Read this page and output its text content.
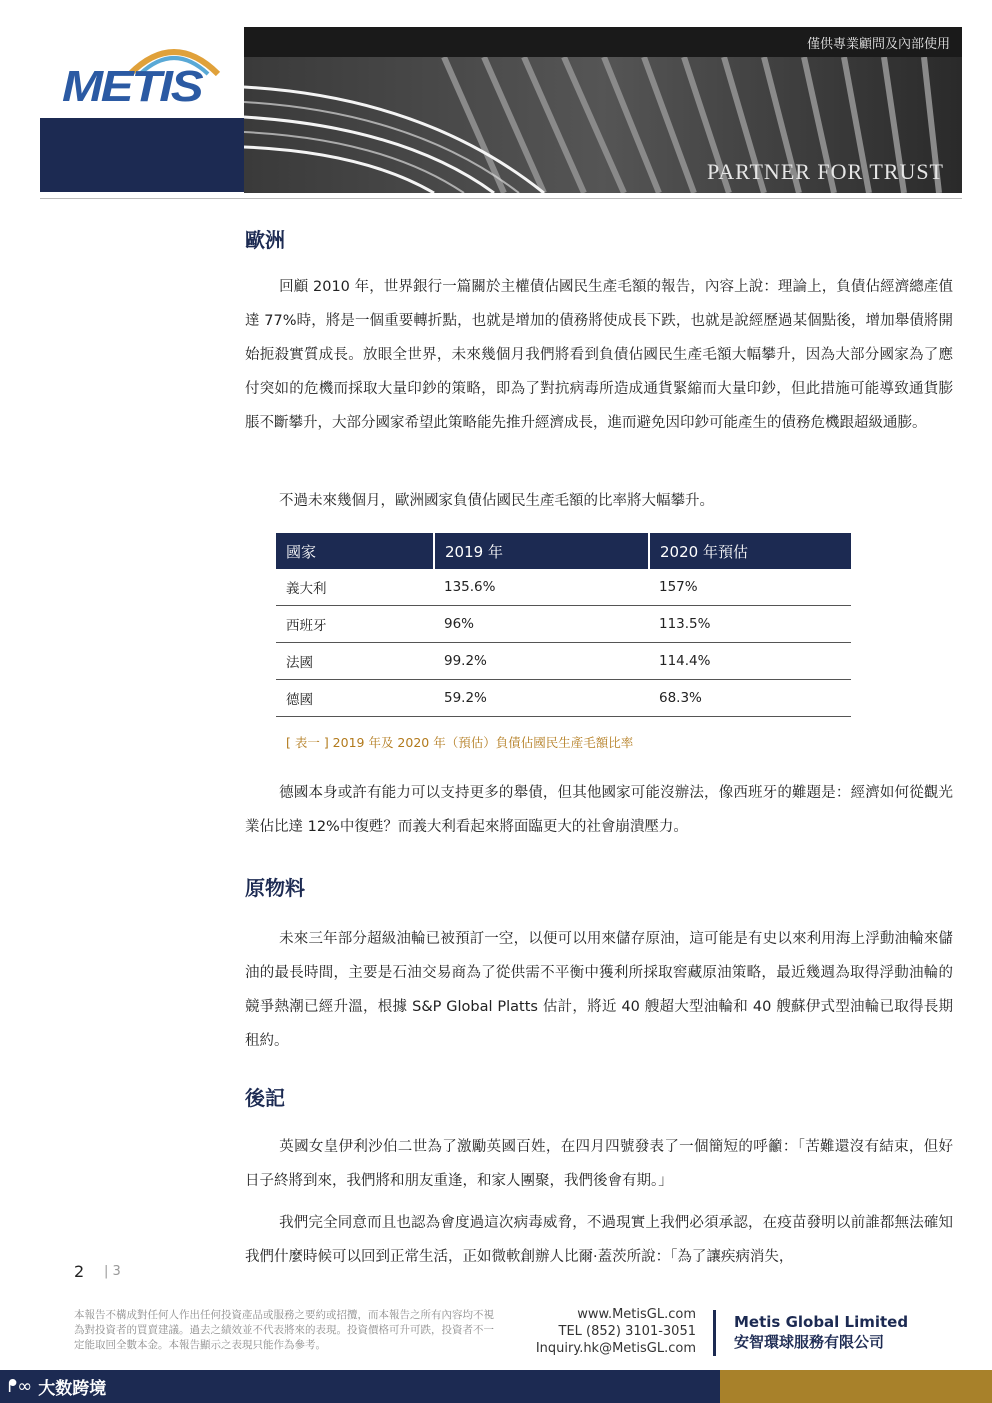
METIS
僅供專業顧問及內部使用
PARTNER FOR TRUST
歐洲

回顧 2010 年，世界銀行一篇關於主權債佔國民生產毛額的報告，內容上說：理論上，負債佔經濟總產值達 77%時，將是一個重要轉折點，也就是增加的債務將使成長下跌，也就是說經歷過某個點後，增加舉債將開始扼殺實質成長。放眼全世界，未來幾個月我們將看到負債佔國民生產毛額大幅攀升，因為大部分國家為了應付突如的危機而採取大量印鈔的策略，即為了對抗病毒所造成通貨緊縮而大量印鈔，但此措施可能導致通貨膨脹不斷攀升，大部分國家希望此策略能先推升經濟成長，進而避免因印鈔可能產生的債務危機跟超級通膨。

不過未來幾個月，歐洲國家負債佔國民生產毛額的比率將大幅攀升。

國家	2019 年	2020 年預估
義大利	135.6%	157%
西班牙	96%	113.5%
法國	99.2%	114.4%
德國	59.2%	68.3%
[ 表一 ] 2019 年及 2020 年（預估）負債佔國民生產毛額比率

德國本身或許有能力可以支持更多的舉債，但其他國家可能沒辦法，像西班牙的難題是：經濟如何從觀光業佔比達 12%中復甦？而義大利看起來將面臨更大的社會崩潰壓力。

原物料

未來三年部分超級油輪已被預訂一空，以便可以用來儲存原油，這可能是有史以來利用海上浮動油輪來儲油的最長時間，主要是石油交易商為了從供需不平衡中獲利所採取窖藏原油策略，最近幾週為取得浮動油輪的競爭熱潮已經升溫，根據 S&P Global Platts 估計，將近 40 艘超大型油輪和 40 艘蘇伊式型油輪已取得長期租約。

後記

英國女皇伊利沙伯二世為了激勵英國百姓，在四月四號發表了一個簡短的呼籲：「苦難還沒有結束，但好日子終將到來，我們將和朋友重逢，和家人團聚，我們後會有期。」

我們完全同意而且也認為會度過這次病毒威脅，不過現實上我們必須承認，在疫苗發明以前誰都無法確知我們什麼時候可以回到正常生活，正如微軟創辦人比爾·蓋茨所說：「為了讓疾病消失，

2 | 3
本報告不構成對任何人作出任何投資產品或服務之要約或招攬，而本報告之所有內容均不視為對投資者的買賣建議。過去之績效並不代表將來的表現。投資價格可升可跌，投資者不一定能取回全數本金。本報告顯示之表現只能作為參考。
www.MetisGL.com
TEL (852) 3101-3051
Inquiry.hk@MetisGL.com
Metis Global Limited
安智環球服務有限公司
ᖰ∞ 大数跨境
